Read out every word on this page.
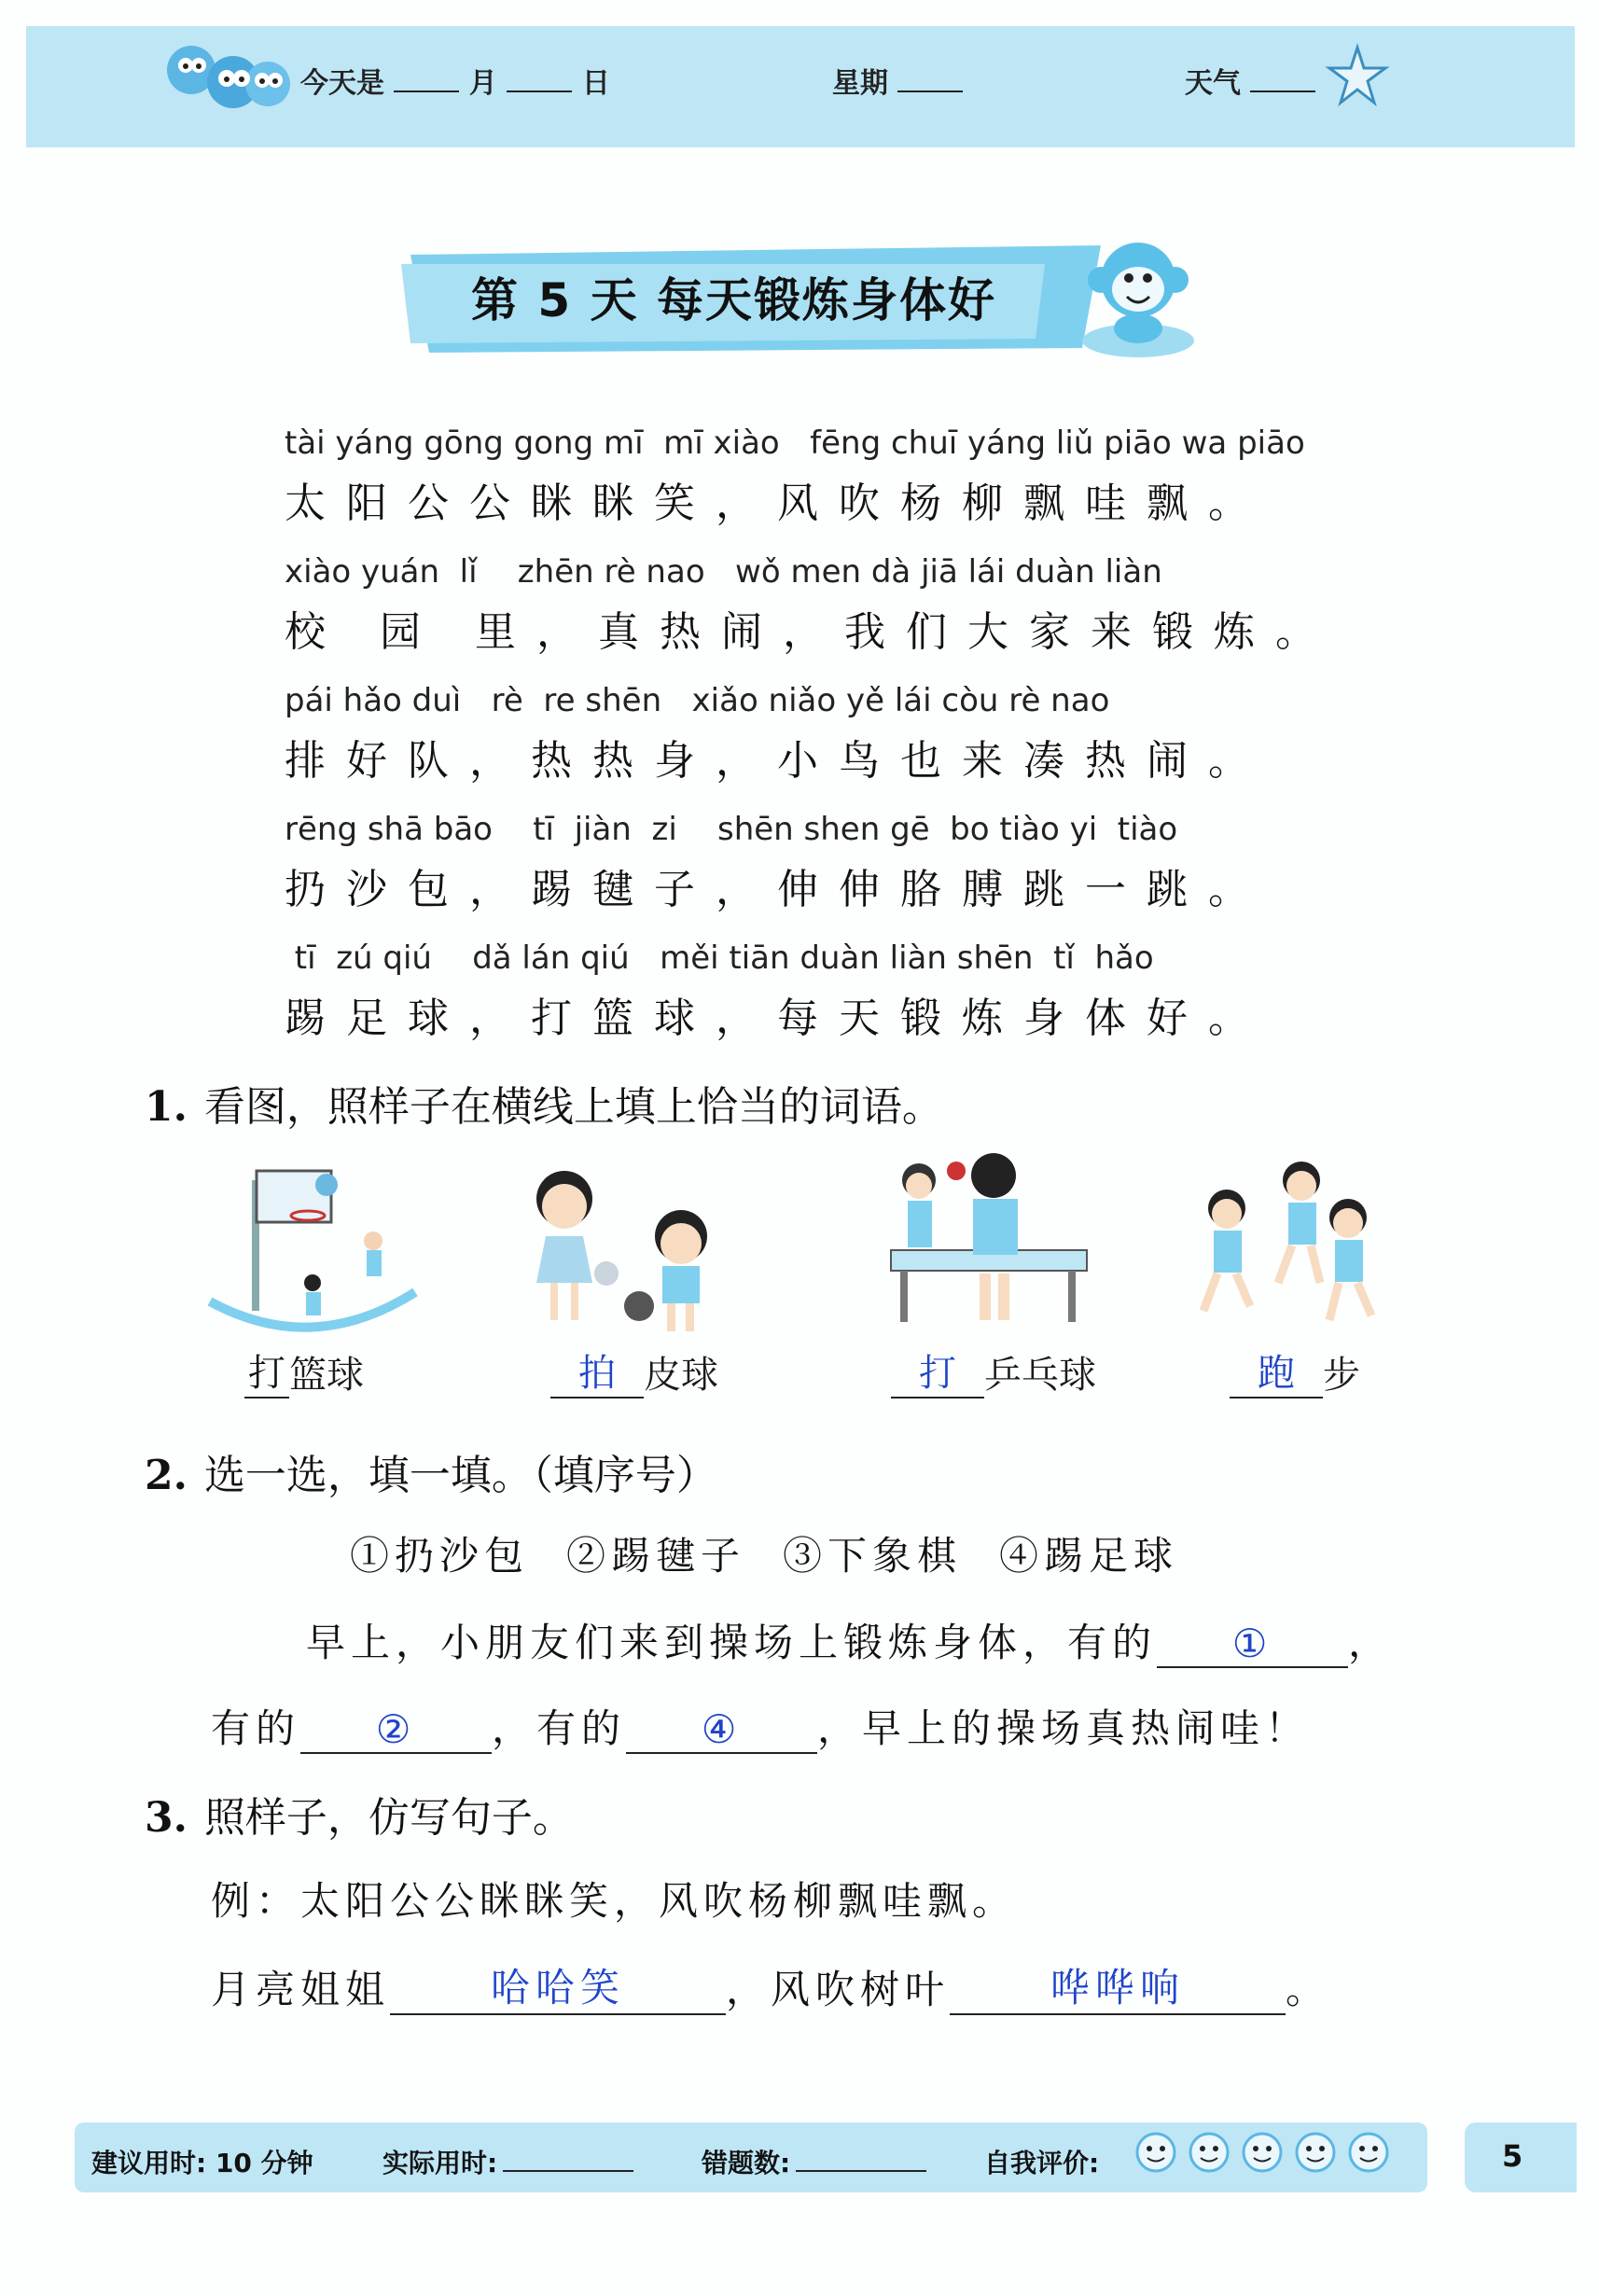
今天是	月	日	星期	天气
第 5 天 每天锻炼身体好
tài yáng gōng gong mī  mī xiào   fēng chuī yáng liǔ piāo wa piāo
太阳公公眯眯笑，风吹杨柳飘哇飘。
xiào yuán  lǐ    zhēn rè nao   wǒ men dà jiā lái duàn liàn
校 园 里，真热闹，我们大家来锻炼。
pái hǎo duì   rè  re shēn   xiǎo niǎo yě lái còu rè nao
排好队，热热身，小鸟也来凑热闹。
rēng shā bāo    tī  jiàn  zi    shēn shen gē  bo tiào yi  tiào
扔沙包，踢毽子，伸伸胳膊跳一跳。
tī  zú qiú    dǎ lán qiú   měi tiān duàn liàn shēn  tǐ  hǎo
踢足球，打篮球，每天锻炼身体好。
1. 看图，照样子在横线上填上恰当的词语。
打 篮球	拍 皮球	打 乒乓球	跑 步
2. 选一选，填一填。（填序号）
①扔沙包 ②踢毽子 ③下象棋 ④踢足球
早上，小朋友们来到操场上锻炼身体，有的 ① ，
有的 ② ，有的 ④ ，早上的操场真热闹哇！
3. 照样子，仿写句子。
例：太阳公公眯眯笑，风吹杨柳飘哇飘。
月亮姐姐	哈哈笑	，风吹树叶	哗哗响	。
建议用时: 10 分钟	实际用时:	错题数:	自我评价:	5
